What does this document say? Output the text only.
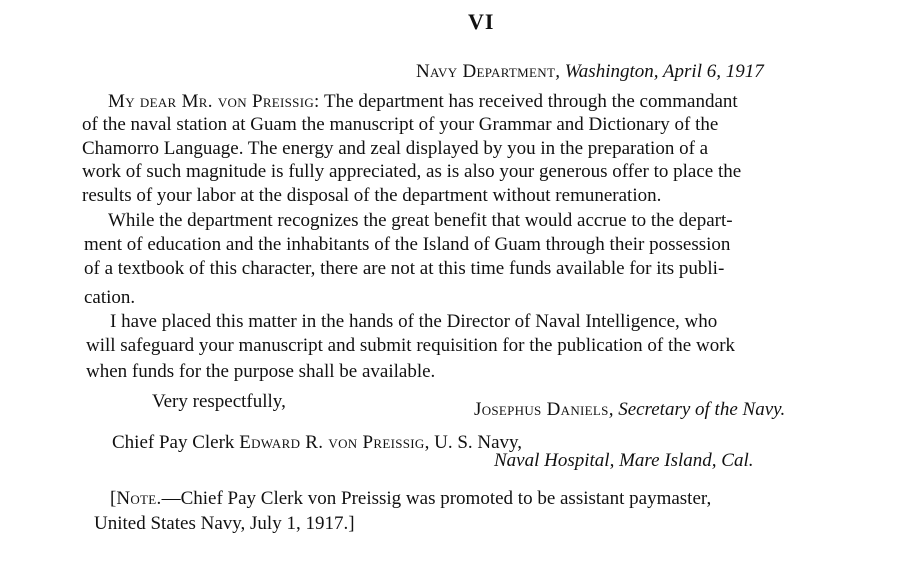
VI
Navy Department, Washington, April 6, 1917
My dear Mr. von Preissig: The department has received through the commandant
of the naval station at Guam the manuscript of your Grammar and Dictionary of the
Chamorro Language. The energy and zeal displayed by you in the preparation of a
work of such magnitude is fully appreciated, as is also your generous offer to place the
results of your labor at the disposal of the department without remuneration.
While the department recognizes the great benefit that would accrue to the depart-
ment of education and the inhabitants of the Island of Guam through their possession
of a textbook of this character, there are not at this time funds available for its publi-
cation.
I have placed this matter in the hands of the Director of Naval Intelligence, who
will safeguard your manuscript and submit requisition for the publication of the work
when funds for the purpose shall be available.
Very respectfully,	Josephus Daniels, Secretary of the Navy.
Chief Pay Clerk Edward R. von Preissig, U. S. Navy,
Naval Hospital, Mare Island, Cal.
[Note.—Chief Pay Clerk von Preissig was promoted to be assistant paymaster,
United States Navy, July 1, 1917.]
